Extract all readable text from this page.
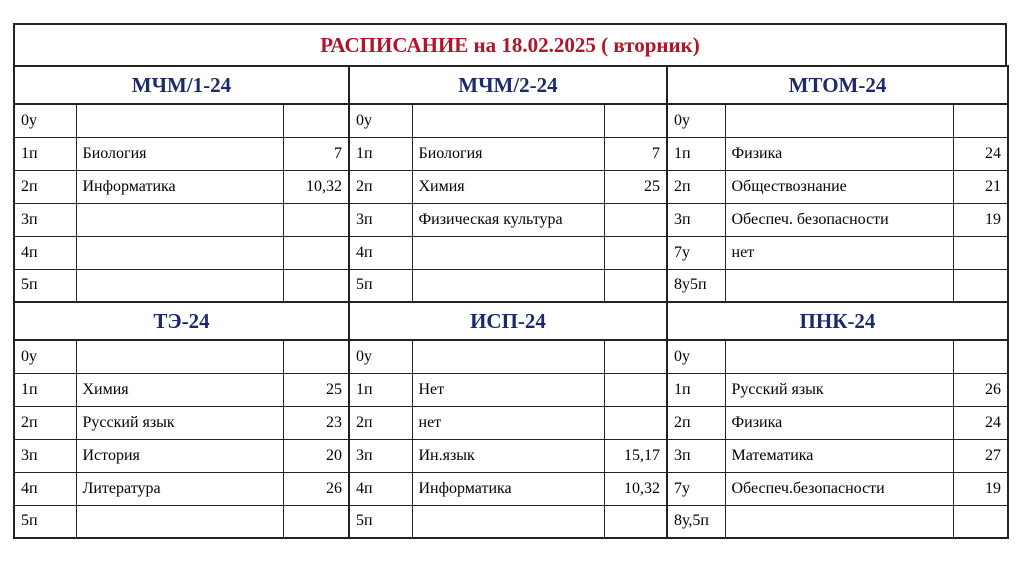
РАСПИСАНИЕ на 18.02.2025 ( вторник)
МЧМ/1-24			МЧМ/2-24			МТОМ-24		
0у			0у			0у		
1п	Биология	7	1п	Биология	7	1п	Физика	24
2п	Информатика	10,32	2п	Химия	25	2п	Обществознание	21
3п			3п	Физическая культура		3п	Обеспеч. безопасности	19
4п			4п			7у	нет	
5п			5п			8у5п		
ТЭ-24			ИСП-24			ПНК-24		
0у			0у			0у		
1п	Химия	25	1п	Нет		1п	Русский язык	26
2п	Русский язык	23	2п	нет		2п	Физика	24
3п	История	20	3п	Ин.язык	15,17	3п	Математика	27
4п	Литература	26	4п	Информатика	10,32	7у	Обеспеч.безопасности	19
5п			5п			8у,5п		
